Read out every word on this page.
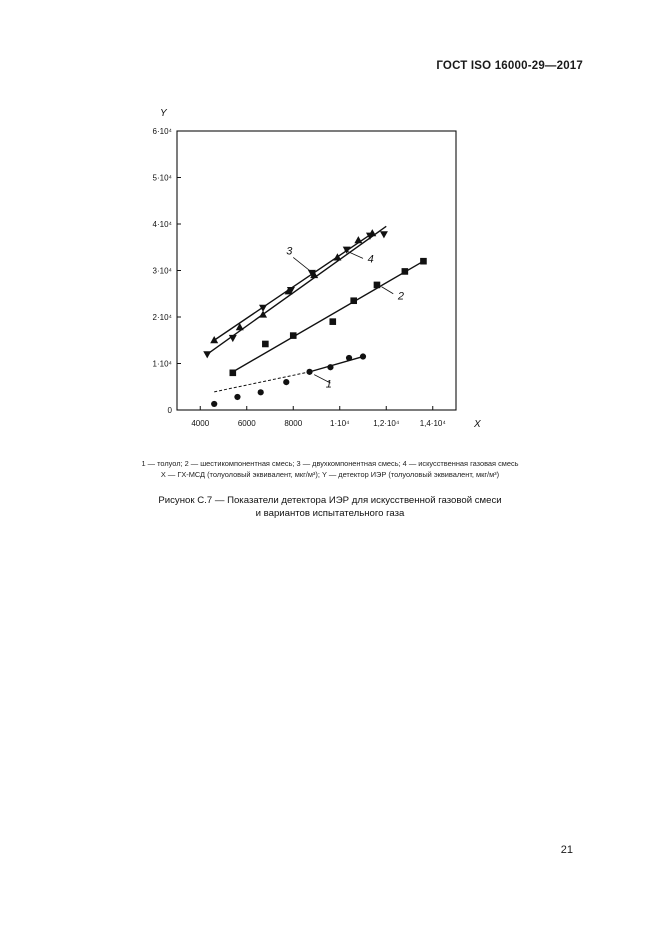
ГОСТ ISO 16000-29—2017
0
1·10⁴
2·10⁴
3·10⁴
4·10⁴
5·10⁴
6·10⁴
4000	6000	8000	1·10⁴	1,2·10⁴	1,4·10⁴	X
Y
1
2
3
4
1 — толуол; 2 — шестикомпонентная смесь; 3 — двухкомпонентная смесь; 4 — искусственная газовая смесь
X — ГХ-МСД (толуоловый эквивалент, мкг/м³); Y — детектор ИЭР (толуоловый эквивалент, мкг/м³)
Рисунок С.7 — Показатели детектора ИЭР для искусственной газовой смеси
и вариантов испытательного газа
21
